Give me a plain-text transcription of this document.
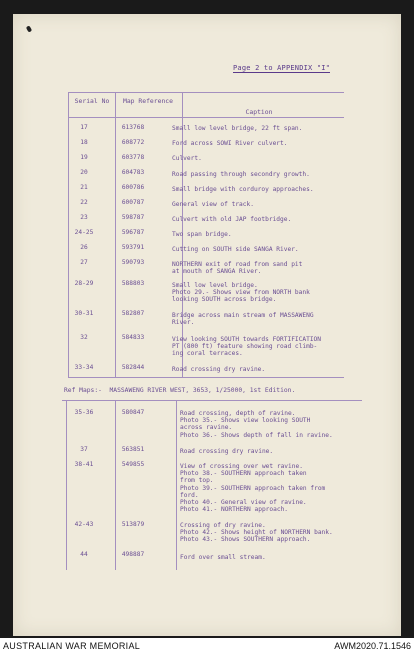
Page 2 to APPENDIX "I"
Serial No	Map Reference
Caption
17	613768	Small low level bridge, 22 ft span.
18	608772	Ford across SOWI River culvert.
19	603778	Culvert.
20	604783	Road passing through secondry growth.
21	600786	Small bridge with corduroy approaches.
22	600787	General view of track.
23	598787	Culvert with old JAP footbridge.
24-25	596787	Two span bridge.
26	593791	Cutting on SOUTH side SANGA River.
27	590793	NORTHERN exit of road from sand pit
at mouth of SANGA River.
28-29	588803	Small low level bridge.
Photo 29.- Shows view from NORTH bank
looking SOUTH across bridge.
30-31	582807	Bridge across main stream of MASSAWENG
River.
32	584833	View looking SOUTH towards FORTIFICATION
PT (800 ft) feature showing road climb-
ing coral terraces.
33-34	582844	Road crossing dry ravine.
Ref Maps:-  MASSAWENG RIVER WEST, 3653, 1/25000, 1st Edition.
35-36	580847	Road crossing, depth of ravine.
Photo 35.- Shows view looking SOUTH
across ravine.
Photo 36.- Shows depth of fall in ravine.
37	563851	Road crossing dry ravine.
38-41	549855	View of crossing over wet ravine.
Photo 38.- SOUTHERN approach taken
from top.
Photo 39.- SOUTHERN approach taken from
ford.
Photo 40.- General view of ravine.
Photo 41.- NORTHERN approach.
42-43	513879	Crossing of dry ravine.
Photo 42.- Shows height of NORTHERN bank.
Photo 43.- Shows SOUTHERN approach.
44	498887	Ford over small stream.
AUSTRALIAN WAR MEMORIAL	AWM2020.71.1546
